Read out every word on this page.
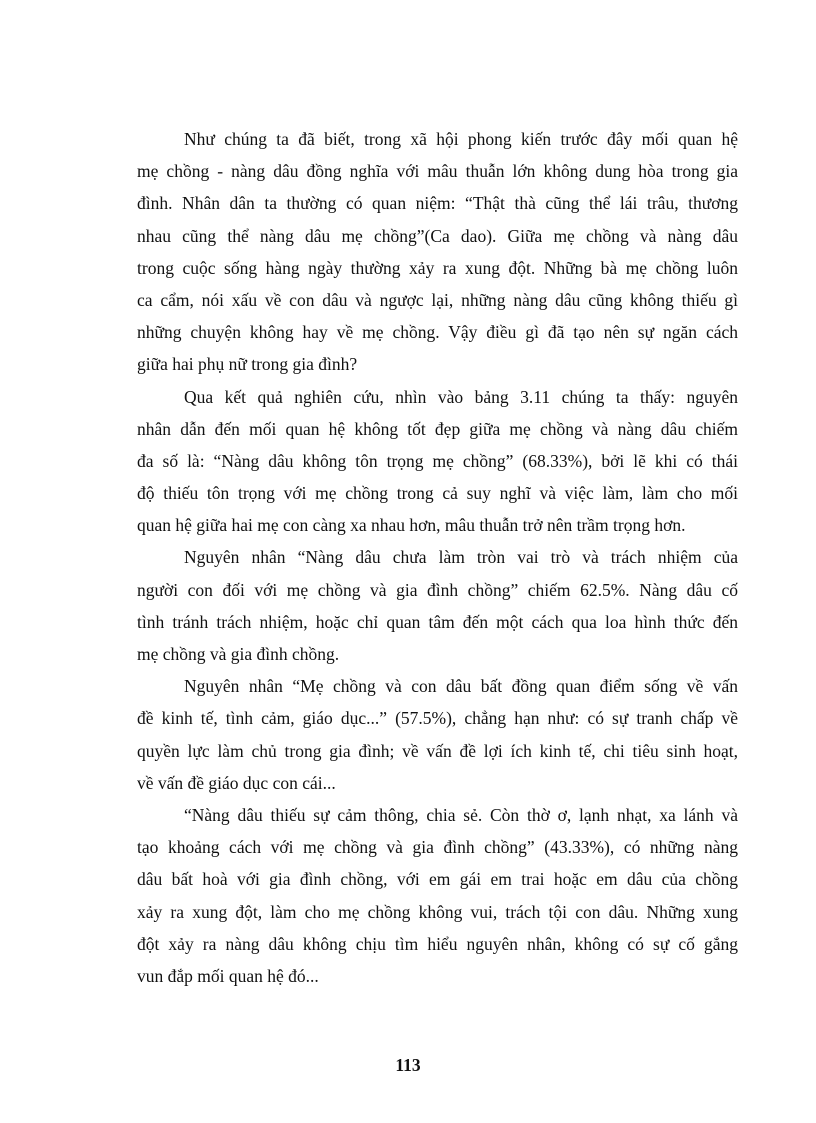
Như chúng ta đã biết, trong xã hội phong kiến trước đây mối quan hệ
mẹ chồng - nàng dâu đồng nghĩa với mâu thuẫn lớn không dung hòa trong gia
đình. Nhân dân ta thường có quan niệm: “Thật thà cũng thể lái trâu, thương
nhau cũng thể nàng dâu mẹ chồng”(Ca dao). Giữa mẹ chồng và nàng dâu
trong cuộc sống hàng ngày thường xảy ra xung đột. Những bà mẹ chồng luôn
ca cẩm, nói xấu về con dâu và ngược lại, những nàng dâu cũng không thiếu gì
những chuyện không hay về mẹ chồng. Vậy điều gì đã tạo nên sự ngăn cách
giữa hai phụ nữ trong gia đình?
Qua kết quả nghiên cứu, nhìn vào bảng 3.11 chúng ta thấy: nguyên
nhân dẫn đến mối quan hệ không tốt đẹp giữa mẹ chồng và nàng dâu chiếm
đa số là: “Nàng dâu không tôn trọng mẹ chồng” (68.33%), bởi lẽ khi có thái
độ thiếu tôn trọng với mẹ chồng trong cả suy nghĩ và việc làm, làm cho mối
quan hệ giữa hai mẹ con càng xa nhau hơn, mâu thuẫn trở nên trầm trọng hơn.
Nguyên nhân “Nàng dâu chưa làm tròn vai trò và trách nhiệm của
người con đối với mẹ chồng và gia đình chồng” chiếm 62.5%. Nàng dâu cố
tình tránh trách nhiệm, hoặc chỉ quan tâm đến một cách qua loa hình thức đến
mẹ chồng và gia đình chồng.
Nguyên nhân “Mẹ chồng và con dâu bất đồng quan điểm sống về vấn
đề kinh tế, tình cảm, giáo dục...” (57.5%), chẳng hạn như: có sự tranh chấp về
quyền lực làm chủ trong gia đình; về vấn đề lợi ích kinh tế, chi tiêu sinh hoạt,
về vấn đề giáo dục con cái...
“Nàng dâu thiếu sự cảm thông, chia sẻ. Còn thờ ơ, lạnh nhạt, xa lánh và
tạo khoảng cách với mẹ chồng và gia đình chồng” (43.33%), có những nàng
dâu bất hoà với gia đình chồng, với em gái em trai hoặc em dâu của chồng
xảy ra xung đột, làm cho mẹ chồng không vui, trách tội con dâu. Những xung
đột xảy ra nàng dâu không chịu tìm hiểu nguyên nhân, không có sự cố gắng
vun đắp mối quan hệ đó...
113
